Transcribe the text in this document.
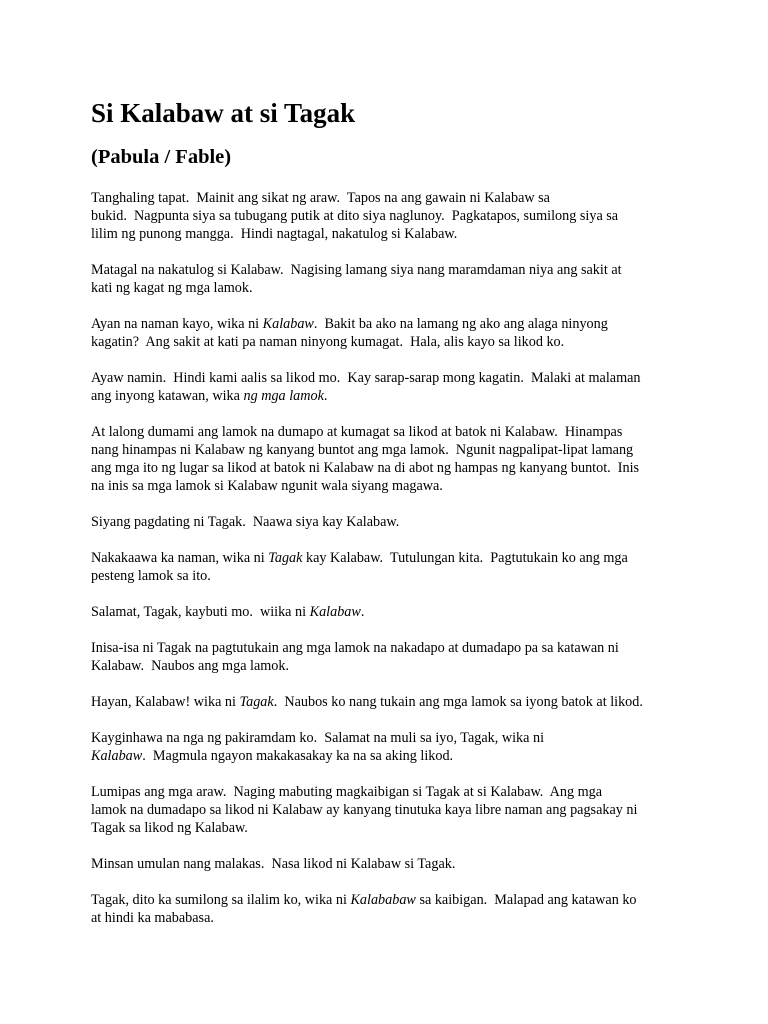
Si Kalabaw at si Tagak
(Pabula / Fable)

Tanghaling tapat.  Mainit ang sikat ng araw.  Tapos na ang gawain ni Kalabaw sa
bukid.  Nagpunta siya sa tubugang putik at dito siya naglunoy.  Pagkatapos, sumilong siya sa
lilim ng punong mangga.  Hindi nagtagal, nakatulog si Kalabaw.

Matagal na nakatulog si Kalabaw.  Nagising lamang siya nang maramdaman niya ang sakit at
kati ng kagat ng mga lamok.

Ayan na naman kayo, wika ni Kalabaw.  Bakit ba ako na lamang ng ako ang alaga ninyong
kagatin?  Ang sakit at kati pa naman ninyong kumagat.  Hala, alis kayo sa likod ko.

Ayaw namin.  Hindi kami aalis sa likod mo.  Kay sarap-sarap mong kagatin.  Malaki at malaman
ang inyong katawan, wika ng mga lamok.

At lalong dumami ang lamok na dumapo at kumagat sa likod at batok ni Kalabaw.  Hinampas
nang hinampas ni Kalabaw ng kanyang buntot ang mga lamok.  Ngunit nagpalipat-lipat lamang
ang mga ito ng lugar sa likod at batok ni Kalabaw na di abot ng hampas ng kanyang buntot.  Inis
na inis sa mga lamok si Kalabaw ngunit wala siyang magawa.

Siyang pagdating ni Tagak.  Naawa siya kay Kalabaw.

Nakakaawa ka naman, wika ni Tagak kay Kalabaw.  Tutulungan kita.  Pagtutukain ko ang mga
pesteng lamok sa ito.

Salamat, Tagak, kaybuti mo.  wiika ni Kalabaw.

Inisa-isa ni Tagak na pagtutukain ang mga lamok na nakadapo at dumadapo pa sa katawan ni
Kalabaw.  Naubos ang mga lamok.

Hayan, Kalabaw! wika ni Tagak.  Naubos ko nang tukain ang mga lamok sa iyong batok at likod.

Kayginhawa na nga ng pakiramdam ko.  Salamat na muli sa iyo, Tagak, wika ni
Kalabaw.  Magmula ngayon makakasakay ka na sa aking likod.

Lumipas ang mga araw.  Naging mabuting magkaibigan si Tagak at si Kalabaw.  Ang mga
lamok na dumadapo sa likod ni Kalabaw ay kanyang tinutuka kaya libre naman ang pagsakay ni
Tagak sa likod ng Kalabaw.

Minsan umulan nang malakas.  Nasa likod ni Kalabaw si Tagak.

Tagak, dito ka sumilong sa ilalim ko, wika ni Kalababaw sa kaibigan.  Malapad ang katawan ko
at hindi ka mababasa.
